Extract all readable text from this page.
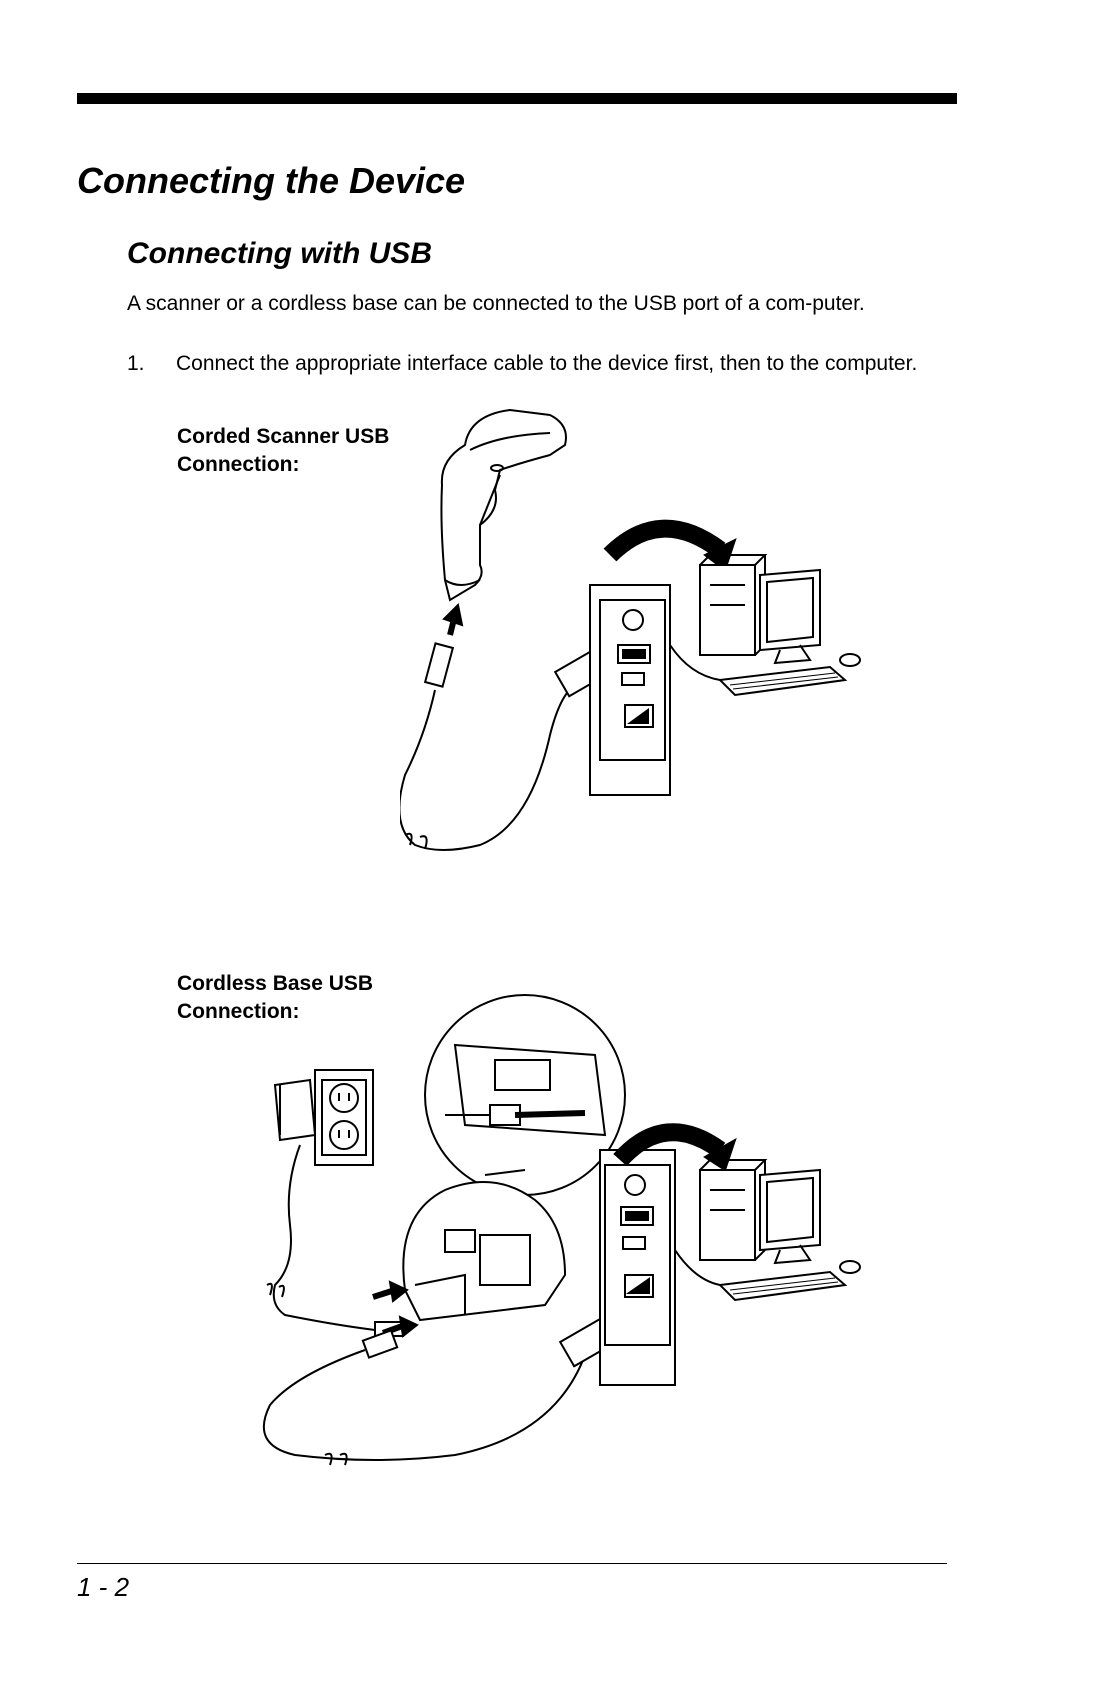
Connecting the Device
Connecting with USB

A scanner or a cordless base can be connected to the USB port of a com-puter.

1. Connect the appropriate interface cable to the device first, then to the computer.
Corded Scanner USB
Connection:
Cordless Base USB
Connection:
1 - 2
